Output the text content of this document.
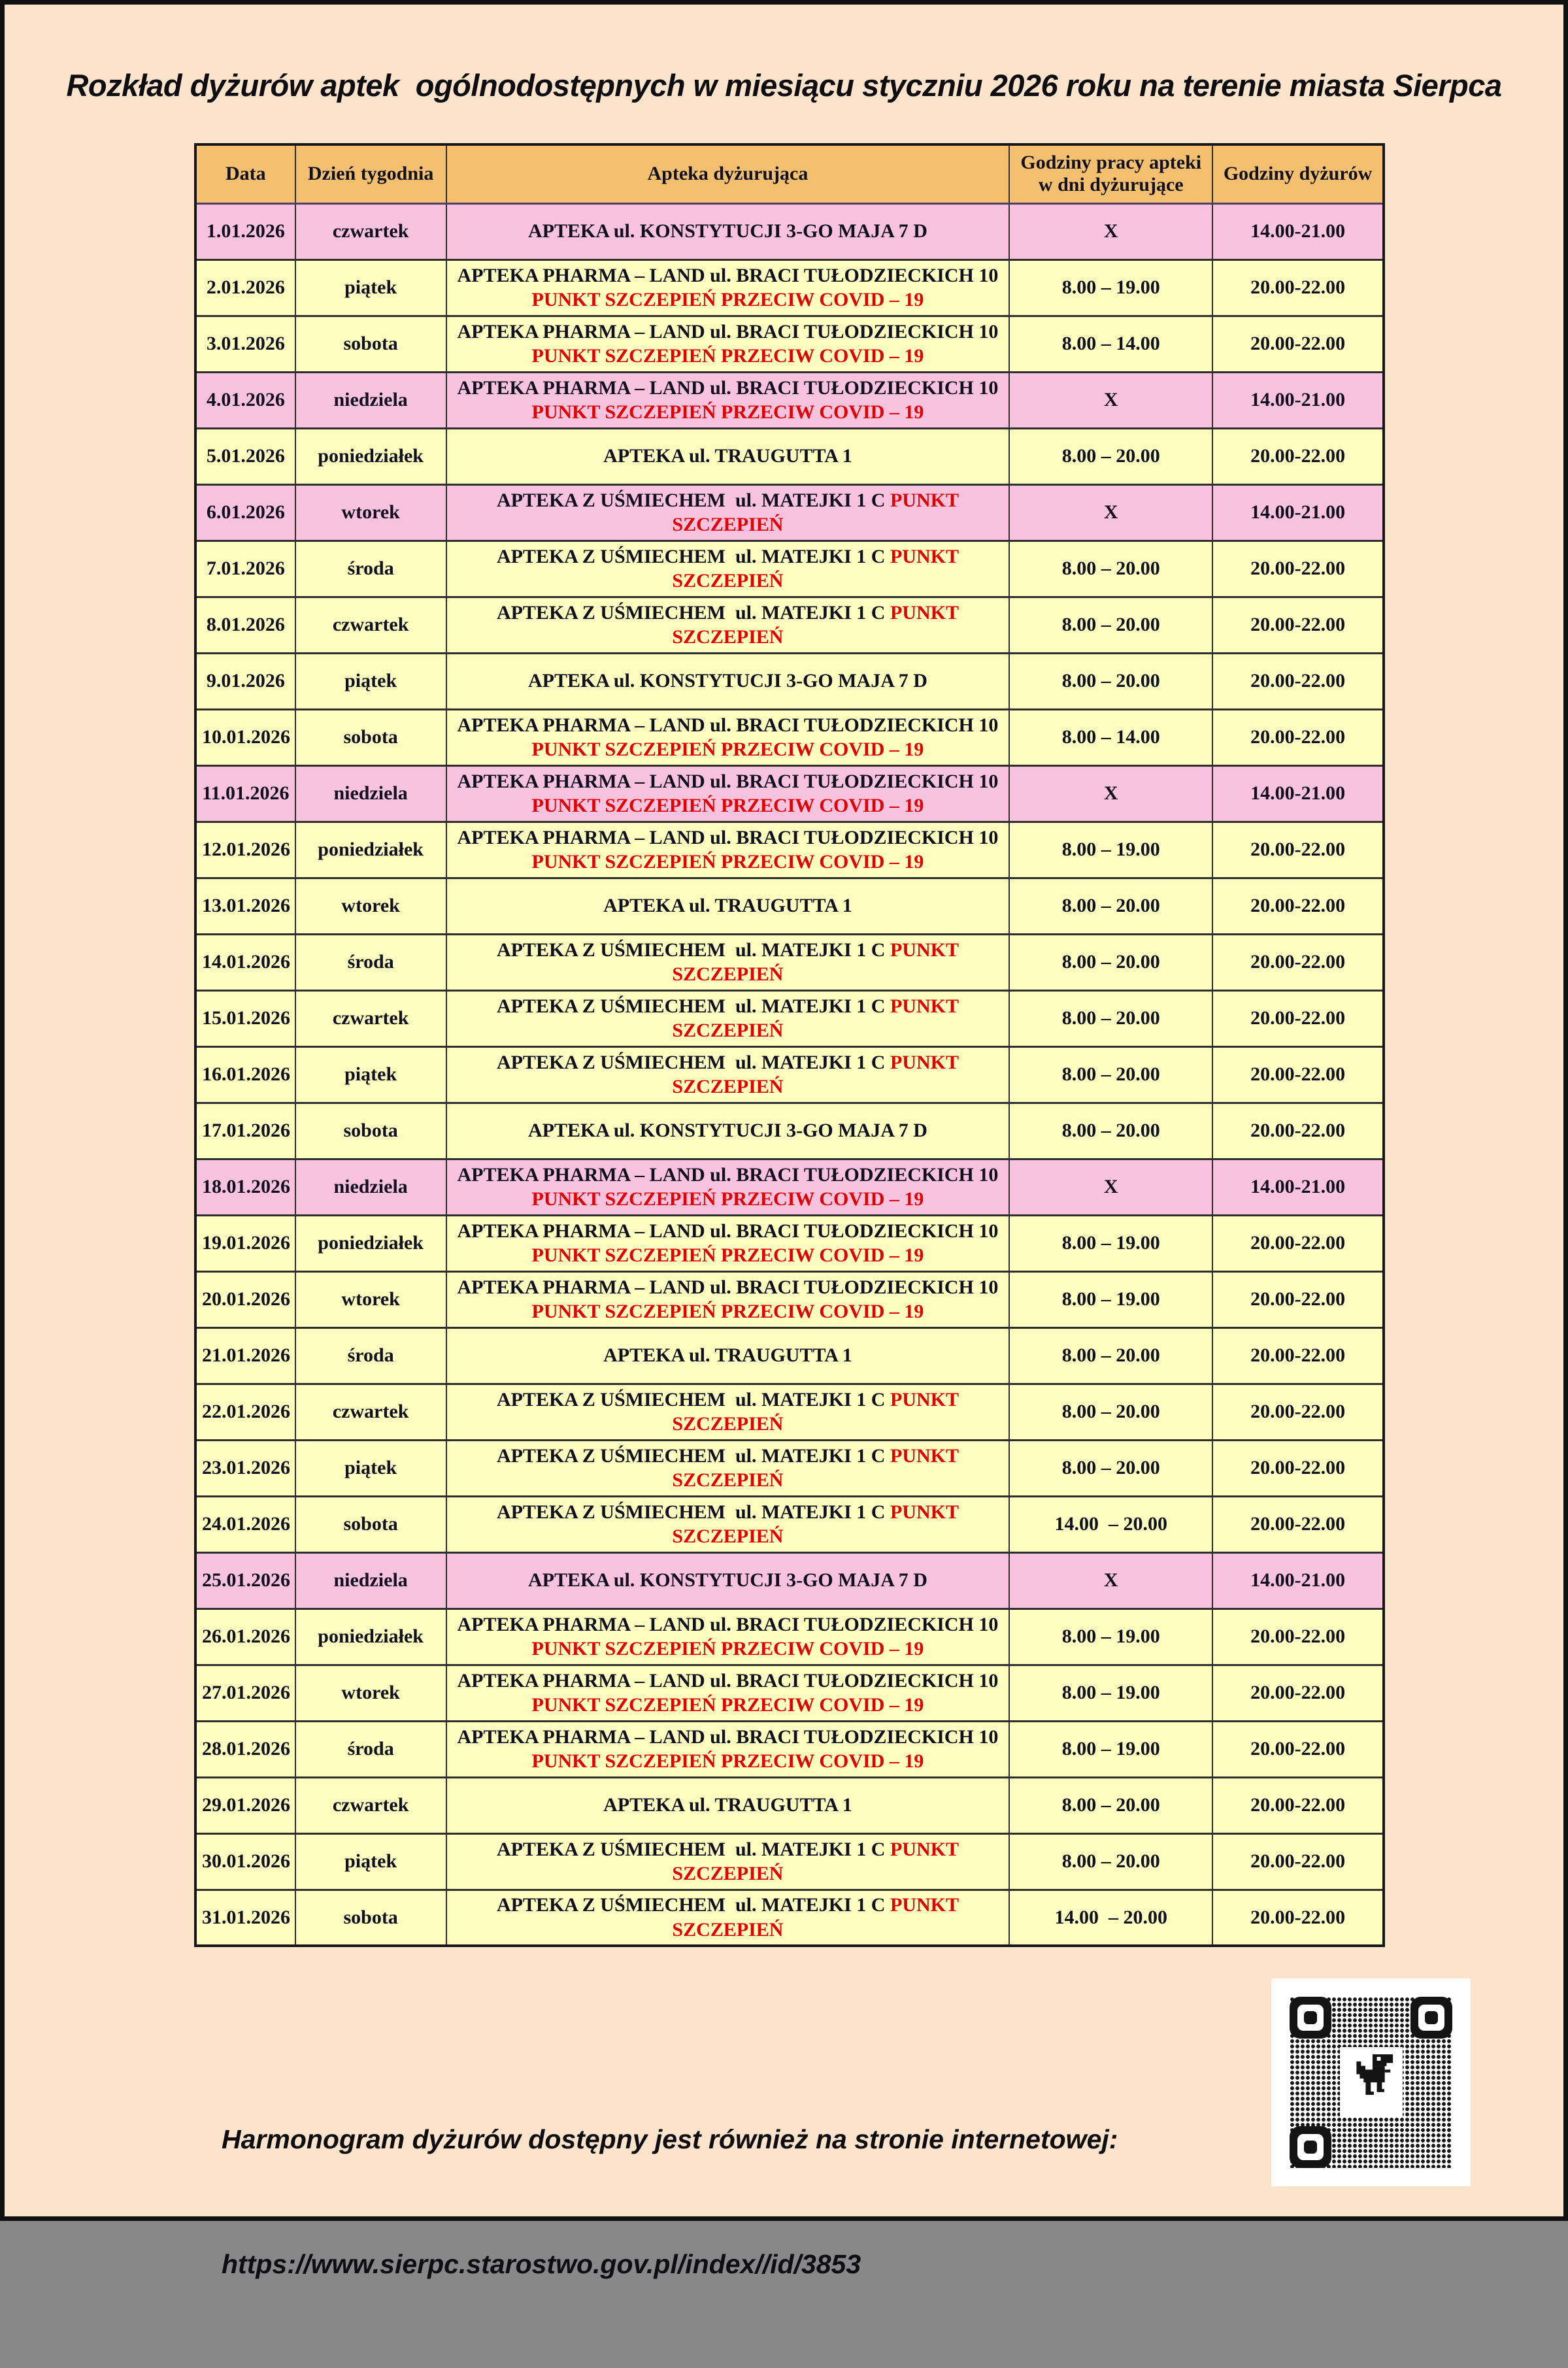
Rozkład dyżurów aptek  ogólnodostępnych w miesiącu styczniu 2026 roku na terenie miasta Sierpca
Data	Dzień tygodnia	Apteka dyżurująca	Godziny pracy apteki w dni dyżurujące	Godziny dyżurów
1.01.2026	czwartek	APTEKA ul. KONSTYTUCJI 3-GO MAJA 7 D	X	14.00-21.00
2.01.2026	piątek	APTEKA PHARMA – LAND ul. BRACI TUŁODZIECKICH 10 PUNKT SZCZEPIEŃ PRZECIW COVID – 19	8.00 – 19.00	20.00-22.00
3.01.2026	sobota	APTEKA PHARMA – LAND ul. BRACI TUŁODZIECKICH 10 PUNKT SZCZEPIEŃ PRZECIW COVID – 19	8.00 – 14.00	20.00-22.00
4.01.2026	niedziela	APTEKA PHARMA – LAND ul. BRACI TUŁODZIECKICH 10 PUNKT SZCZEPIEŃ PRZECIW COVID – 19	X	14.00-21.00
5.01.2026	poniedziałek	APTEKA ul. TRAUGUTTA 1	8.00 – 20.00	20.00-22.00
6.01.2026	wtorek	APTEKA Z UŚMIECHEM  ul. MATEJKI 1 C PUNKT SZCZEPIEŃ	X	14.00-21.00
7.01.2026	środa	APTEKA Z UŚMIECHEM  ul. MATEJKI 1 C PUNKT SZCZEPIEŃ	8.00 – 20.00	20.00-22.00
8.01.2026	czwartek	APTEKA Z UŚMIECHEM  ul. MATEJKI 1 C PUNKT SZCZEPIEŃ	8.00 – 20.00	20.00-22.00
9.01.2026	piątek	APTEKA ul. KONSTYTUCJI 3-GO MAJA 7 D	8.00 – 20.00	20.00-22.00
10.01.2026	sobota	APTEKA PHARMA – LAND ul. BRACI TUŁODZIECKICH 10 PUNKT SZCZEPIEŃ PRZECIW COVID – 19	8.00 – 14.00	20.00-22.00
11.01.2026	niedziela	APTEKA PHARMA – LAND ul. BRACI TUŁODZIECKICH 10 PUNKT SZCZEPIEŃ PRZECIW COVID – 19	X	14.00-21.00
12.01.2026	poniedziałek	APTEKA PHARMA – LAND ul. BRACI TUŁODZIECKICH 10 PUNKT SZCZEPIEŃ PRZECIW COVID – 19	8.00 – 19.00	20.00-22.00
13.01.2026	wtorek	APTEKA ul. TRAUGUTTA 1	8.00 – 20.00	20.00-22.00
14.01.2026	środa	APTEKA Z UŚMIECHEM  ul. MATEJKI 1 C PUNKT SZCZEPIEŃ	8.00 – 20.00	20.00-22.00
15.01.2026	czwartek	APTEKA Z UŚMIECHEM  ul. MATEJKI 1 C PUNKT SZCZEPIEŃ	8.00 – 20.00	20.00-22.00
16.01.2026	piątek	APTEKA Z UŚMIECHEM  ul. MATEJKI 1 C PUNKT SZCZEPIEŃ	8.00 – 20.00	20.00-22.00
17.01.2026	sobota	APTEKA ul. KONSTYTUCJI 3-GO MAJA 7 D	8.00 – 20.00	20.00-22.00
18.01.2026	niedziela	APTEKA PHARMA – LAND ul. BRACI TUŁODZIECKICH 10 PUNKT SZCZEPIEŃ PRZECIW COVID – 19	X	14.00-21.00
19.01.2026	poniedziałek	APTEKA PHARMA – LAND ul. BRACI TUŁODZIECKICH 10 PUNKT SZCZEPIEŃ PRZECIW COVID – 19	8.00 – 19.00	20.00-22.00
20.01.2026	wtorek	APTEKA PHARMA – LAND ul. BRACI TUŁODZIECKICH 10 PUNKT SZCZEPIEŃ PRZECIW COVID – 19	8.00 – 19.00	20.00-22.00
21.01.2026	środa	APTEKA ul. TRAUGUTTA 1	8.00 – 20.00	20.00-22.00
22.01.2026	czwartek	APTEKA Z UŚMIECHEM  ul. MATEJKI 1 C PUNKT SZCZEPIEŃ	8.00 – 20.00	20.00-22.00
23.01.2026	piątek	APTEKA Z UŚMIECHEM  ul. MATEJKI 1 C PUNKT SZCZEPIEŃ	8.00 – 20.00	20.00-22.00
24.01.2026	sobota	APTEKA Z UŚMIECHEM  ul. MATEJKI 1 C PUNKT SZCZEPIEŃ	14.00  – 20.00	20.00-22.00
25.01.2026	niedziela	APTEKA ul. KONSTYTUCJI 3-GO MAJA 7 D	X	14.00-21.00
26.01.2026	poniedziałek	APTEKA PHARMA – LAND ul. BRACI TUŁODZIECKICH 10 PUNKT SZCZEPIEŃ PRZECIW COVID – 19	8.00 – 19.00	20.00-22.00
27.01.2026	wtorek	APTEKA PHARMA – LAND ul. BRACI TUŁODZIECKICH 10 PUNKT SZCZEPIEŃ PRZECIW COVID – 19	8.00 – 19.00	20.00-22.00
28.01.2026	środa	APTEKA PHARMA – LAND ul. BRACI TUŁODZIECKICH 10 PUNKT SZCZEPIEŃ PRZECIW COVID – 19	8.00 – 19.00	20.00-22.00
29.01.2026	czwartek	APTEKA ul. TRAUGUTTA 1	8.00 – 20.00	20.00-22.00
30.01.2026	piątek	APTEKA Z UŚMIECHEM  ul. MATEJKI 1 C PUNKT SZCZEPIEŃ	8.00 – 20.00	20.00-22.00
31.01.2026	sobota	APTEKA Z UŚMIECHEM  ul. MATEJKI 1 C PUNKT SZCZEPIEŃ	14.00  – 20.00	20.00-22.00

Harmonogram dyżurów dostępny jest również na stronie internetowej:

https://www.sierpc.starostwo.gov.pl/index//id/3853
